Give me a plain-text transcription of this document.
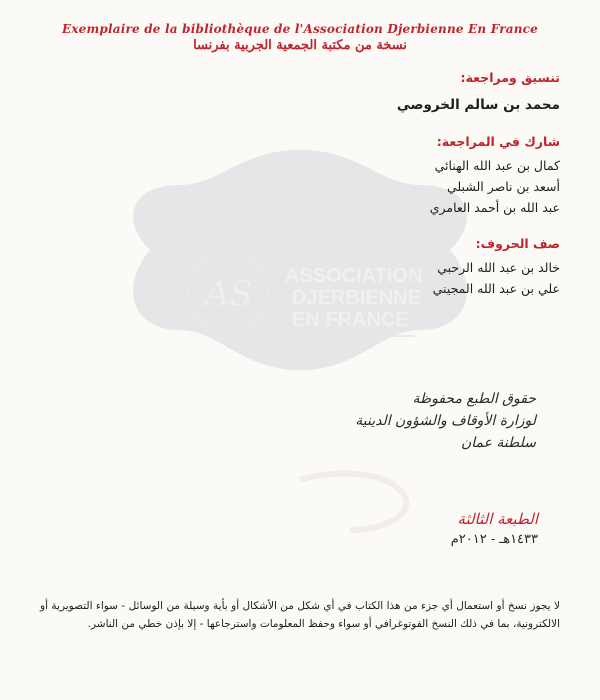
AS ASSOCIATION
DJERBIENNE
EN FRANCE
Exemplaire de la bibliothèque de l'Association Djerbienne En France
نسخة من مكتبة الجمعية الجربية بفرنسا
تنسيق ومراجعة:
محمد بن سالم الخروصي
شارك في المراجعة:
كمال بن عبد الله الهنائي
أسعد بن ناصر الشبلي
عبد الله بن أحمد العامري
صف الحروف:
خالد بن عبد الله الرحبي
علي بن عبد الله المجيني
حقوق الطبع محفوظة
لوزارة الأوقاف والشؤون الدينية
سلطنة عمان
الطبعة الثالثة
١٤٣٣هـ - ٢٠١٢م
لا يجوز نسخ أو استعمال أي جزء من هذا الكتاب في أي شكل من الأشكال أو بأية وسيلة من الوسائل - سواء التصويرية أو الالكترونية، بما في ذلك النسخ الفوتوغرافي أو سواء وحفظ المعلومات واسترجاعها - إلا بإذن خطي من الناشر.
